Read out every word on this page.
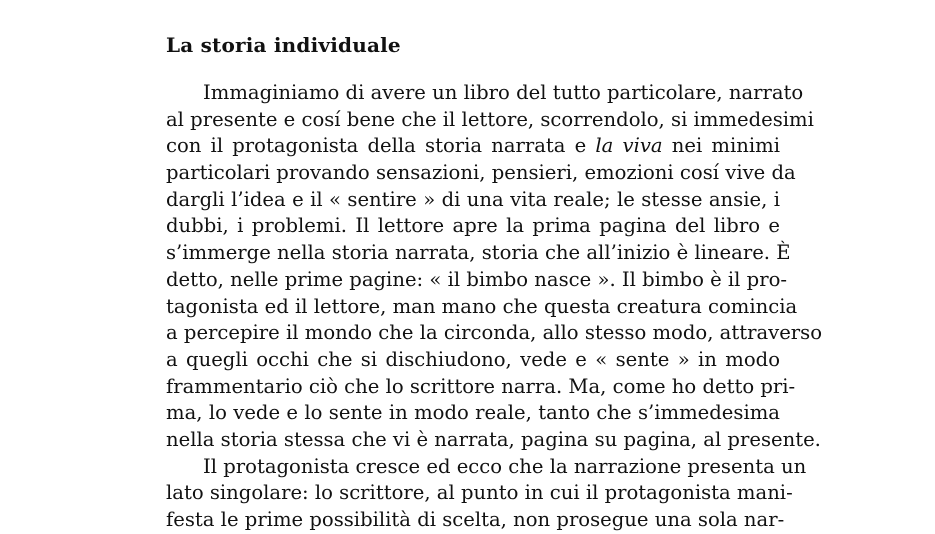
La storia individuale
Immaginiamo di avere un libro del tutto particolare, narrato
al presente e cosí bene che il lettore, scorrendolo, si immedesimi
con il protagonista della storia narrata e la viva nei minimi
particolari provando sensazioni, pensieri, emozioni cosí vive da
dargli l’idea e il « sentire » di una vita reale; le stesse ansie, i
dubbi, i problemi. Il lettore apre la prima pagina del libro e
s’immerge nella storia narrata, storia che all’inizio è lineare. È
detto, nelle prime pagine: « il bimbo nasce ». Il bimbo è il pro-
tagonista ed il lettore, man mano che questa creatura comincia
a percepire il mondo che la circonda, allo stesso modo, attraverso
a quegli occhi che si dischiudono, vede e « sente » in modo
frammentario ciò che lo scrittore narra. Ma, come ho detto pri-
ma, lo vede e lo sente in modo reale, tanto che s’immedesima
nella storia stessa che vi è narrata, pagina su pagina, al presente.
Il protagonista cresce ed ecco che la narrazione presenta un
lato singolare: lo scrittore, al punto in cui il protagonista mani-
festa le prime possibilità di scelta, non prosegue una sola nar-
